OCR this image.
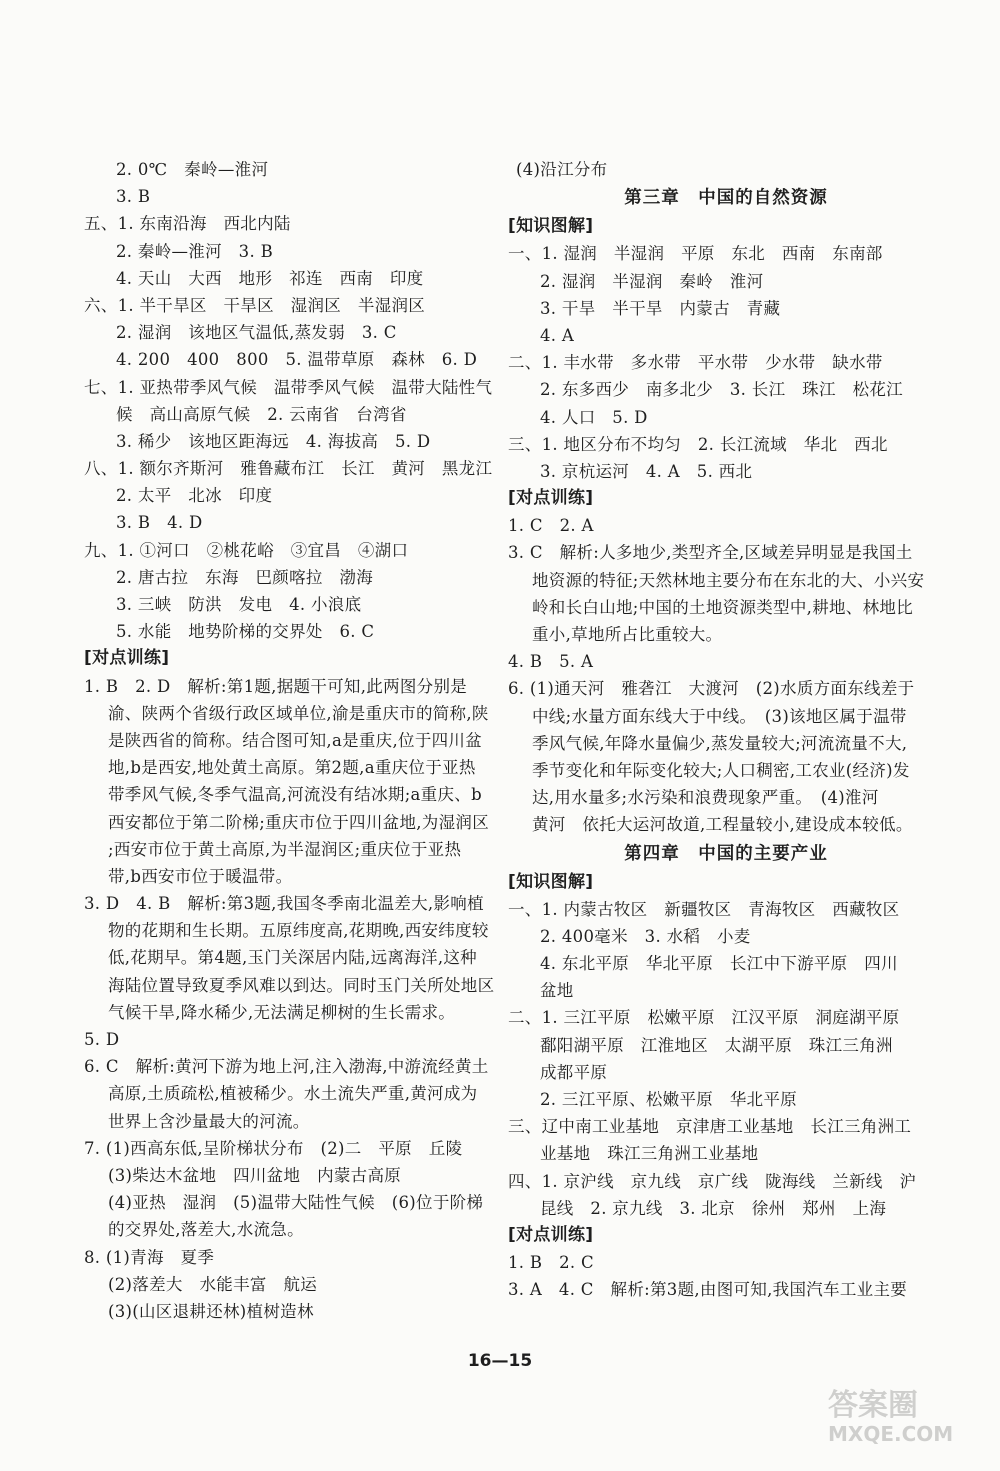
2. 0℃　秦岭—淮河
3. B
五、1. 东南沿海　西北内陆
2. 秦岭—淮河　3. B
4. 天山　大西　地形　祁连　西南　印度
六、1. 半干旱区　干旱区　湿润区　半湿润区
2. 湿润　该地区气温低,蒸发弱　3. C
4. 200　400　800　5. 温带草原　森林　6. D
七、1. 亚热带季风气候　温带季风气候　温带大陆性气
候　高山高原气候　2. 云南省　台湾省
3. 稀少　该地区距海远　4. 海拔高　5. D
八、1. 额尔齐斯河　雅鲁藏布江　长江　黄河　黑龙江
2. 太平　北冰　印度
3. B　4. D
九、1. ①河口　②桃花峪　③宜昌　④湖口
2. 唐古拉　东海　巴颜喀拉　渤海
3. 三峡　防洪　发电　4. 小浪底
5. 水能　地势阶梯的交界处　6. C
[对点训练]
1. B　2. D　解析:第1题,据题干可知,此两图分别是
渝、陕两个省级行政区域单位,渝是重庆市的简称,陕
是陕西省的简称。结合图可知,a是重庆,位于四川盆
地,b是西安,地处黄土高原。第2题,a重庆位于亚热
带季风气候,冬季气温高,河流没有结冰期;a重庆、b
西安都位于第二阶梯;重庆市位于四川盆地,为湿润区
;西安市位于黄土高原,为半湿润区;重庆位于亚热
带,b西安市位于暖温带。
3. D　4. B　解析:第3题,我国冬季南北温差大,影响植
物的花期和生长期。五原纬度高,花期晚,西安纬度较
低,花期早。第4题,玉门关深居内陆,远离海洋,这种
海陆位置导致夏季风难以到达。同时玉门关所处地区
气候干旱,降水稀少,无法满足柳树的生长需求。
5. D
6. C　解析:黄河下游为地上河,注入渤海,中游流经黄土
高原,土质疏松,植被稀少。水土流失严重,黄河成为
世界上含沙量最大的河流。
7. (1)西高东低,呈阶梯状分布　(2)二　平原　丘陵
(3)柴达木盆地　四川盆地　内蒙古高原
(4)亚热　湿润　(5)温带大陆性气候　(6)位于阶梯
的交界处,落差大,水流急。
8. (1)青海　夏季
(2)落差大　水能丰富　航运
(3)(山区退耕还林)植树造林
(4)沿江分布
第三章　中国的自然资源
[知识图解]
一、1. 湿润　半湿润　平原　东北　西南　东南部
2. 湿润　半湿润　秦岭　淮河
3. 干旱　半干旱　内蒙古　青藏
4. A
二、1. 丰水带　多水带　平水带　少水带　缺水带
2. 东多西少　南多北少　3. 长江　珠江　松花江
4. 人口　5. D
三、1. 地区分布不均匀　2. 长江流域　华北　西北
3. 京杭运河　4. A　5. 西北
[对点训练]
1. C　2. A
3. C　解析:人多地少,类型齐全,区域差异明显是我国土
地资源的特征;天然林地主要分布在东北的大、小兴安
岭和长白山地;中国的土地资源类型中,耕地、林地比
重小,草地所占比重较大。
4. B　5. A
6. (1)通天河　雅砻江　大渡河　(2)水质方面东线差于
中线;水量方面东线大于中线。　(3)该地区属于温带
季风气候,年降水量偏少,蒸发量较大;河流流量不大,
季节变化和年际变化较大;人口稠密,工农业(经济)发
达,用水量多;水污染和浪费现象严重。　(4)淮河
黄河　依托大运河故道,工程量较小,建设成本较低。
第四章　中国的主要产业
[知识图解]
一、1. 内蒙古牧区　新疆牧区　青海牧区　西藏牧区
2. 400毫米　3. 水稻　小麦
4. 东北平原　华北平原　长江中下游平原　四川
盆地
二、1. 三江平原　松嫩平原　江汉平原　洞庭湖平原
鄱阳湖平原　江淮地区　太湖平原　珠江三角洲
成都平原
2. 三江平原、松嫩平原　华北平原
三、辽中南工业基地　京津唐工业基地　长江三角洲工
业基地　珠江三角洲工业基地
四、1. 京沪线　京九线　京广线　陇海线　兰新线　沪
昆线　2. 京九线　3. 北京　徐州　郑州　上海
[对点训练]
1. B　2. C
3. A　4. C　解析:第3题,由图可知,我国汽车工业主要
16—15
答案圈
MXQE.COM
